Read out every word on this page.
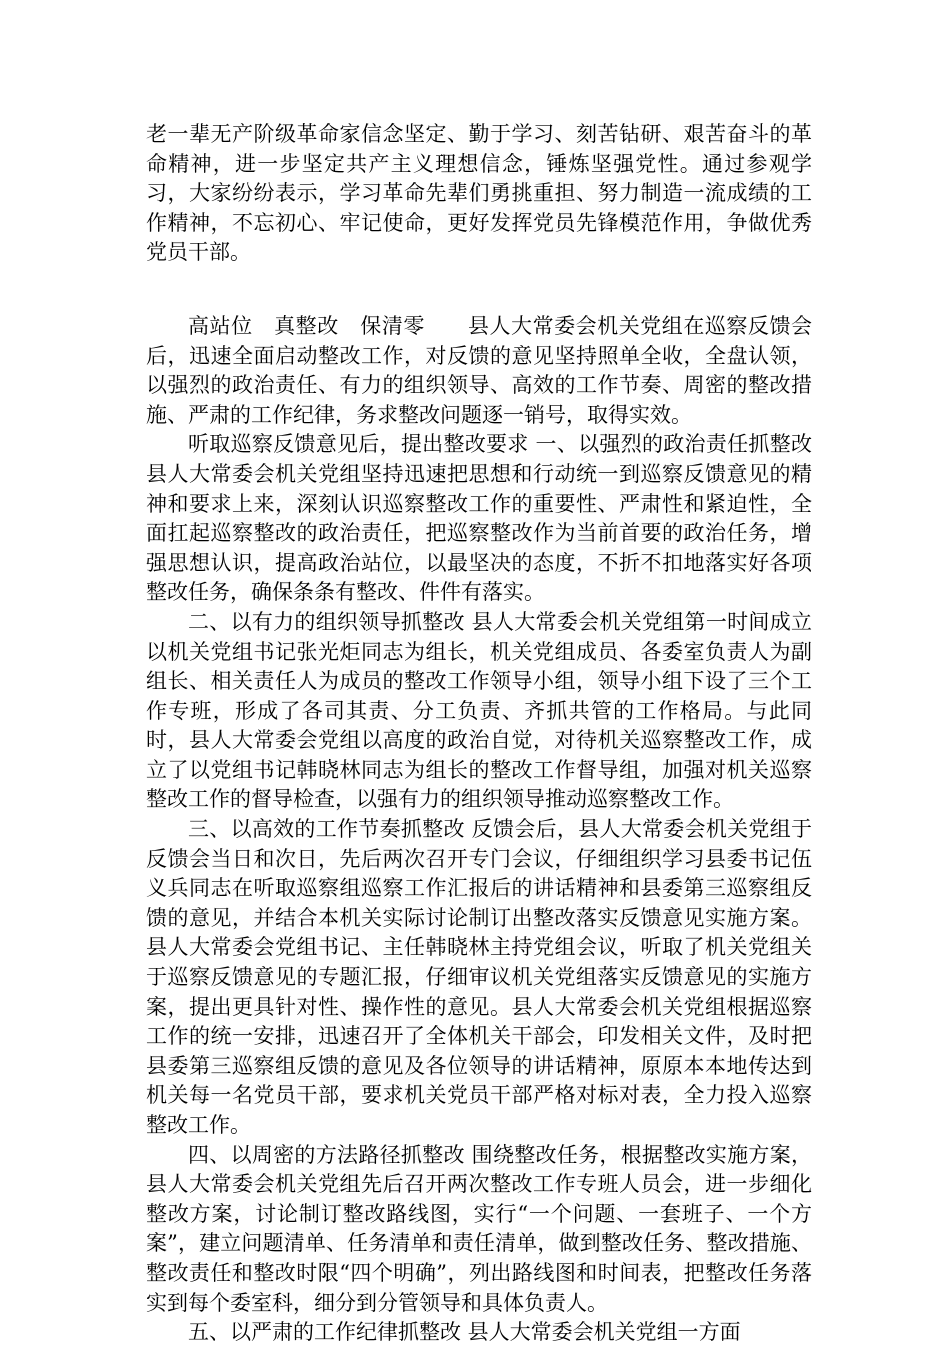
老一辈无产阶级革命家信念坚定、勤于学习、刻苦钻研、艰苦奋斗的革命精神，进一步坚定共产主义理想信念，锤炼坚强党性。通过参观学习，大家纷纷表示，学习革命先辈们勇挑重担、努力制造一流成绩的工作精神，不忘初心、牢记使命，更好发挥党员先锋模范作用，争做优秀党员干部。

高站位　真整改　保清零　　县人大常委会机关党组在巡察反馈会后，迅速全面启动整改工作，对反馈的意见坚持照单全收，全盘认领，以强烈的政治责任、有力的组织领导、高效的工作节奏、周密的整改措施、严肃的工作纪律，务求整改问题逐一销号，取得实效。

听取巡察反馈意见后，提出整改要求 一、以强烈的政治责任抓整改 县人大常委会机关党组坚持迅速把思想和行动统一到巡察反馈意见的精神和要求上来，深刻认识巡察整改工作的重要性、严肃性和紧迫性，全面扛起巡察整改的政治责任，把巡察整改作为当前首要的政治任务，增强思想认识，提高政治站位，以最坚决的态度，不折不扣地落实好各项整改任务，确保条条有整改、件件有落实。

二、以有力的组织领导抓整改 县人大常委会机关党组第一时间成立以机关党组书记张光炬同志为组长，机关党组成员、各委室负责人为副组长、相关责任人为成员的整改工作领导小组，领导小组下设了三个工作专班，形成了各司其责、分工负责、齐抓共管的工作格局。与此同时，县人大常委会党组以高度的政治自觉，对待机关巡察整改工作，成立了以党组书记韩晓林同志为组长的整改工作督导组，加强对机关巡察整改工作的督导检查，以强有力的组织领导推动巡察整改工作。

三、以高效的工作节奏抓整改 反馈会后，县人大常委会机关党组于反馈会当日和次日，先后两次召开专门会议，仔细组织学习县委书记伍义兵同志在听取巡察组巡察工作汇报后的讲话精神和县委第三巡察组反馈的意见，并结合本机关实际讨论制订出整改落实反馈意见实施方案。县人大常委会党组书记、主任韩晓林主持党组会议，听取了机关党组关于巡察反馈意见的专题汇报，仔细审议机关党组落实反馈意见的实施方案，提出更具针对性、操作性的意见。县人大常委会机关党组根据巡察工作的统一安排，迅速召开了全体机关干部会，印发相关文件，及时把县委第三巡察组反馈的意见及各位领导的讲话精神，原原本本地传达到机关每一名党员干部，要求机关党员干部严格对标对表，全力投入巡察整改工作。

四、以周密的方法路径抓整改 围绕整改任务，根据整改实施方案，县人大常委会机关党组先后召开两次整改工作专班人员会，进一步细化整改方案，讨论制订整改路线图，实行“一个问题、一套班子、一个方案”，建立问题清单、任务清单和责任清单，做到整改任务、整改措施、整改责任和整改时限“四个明确”，列出路线图和时间表，把整改任务落实到每个委室科，细分到分管领导和具体负责人。

五、以严肃的工作纪律抓整改 县人大常委会机关党组一方面
